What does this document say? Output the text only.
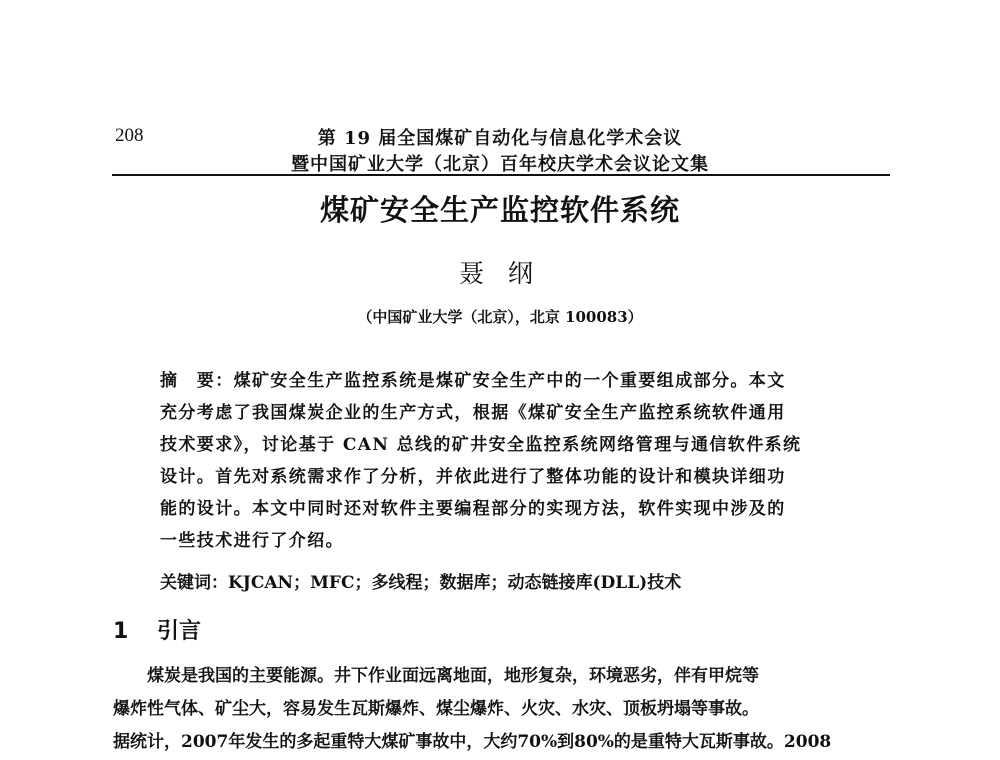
208	第 19 届全国煤矿自动化与信息化学术会议
暨中国矿业大学（北京）百年校庆学术会议论文集
煤矿安全生产监控软件系统
聂 纲
（中国矿业大学（北京），北京 100083）
摘　要：煤矿安全生产监控系统是煤矿安全生产中的一个重要组成部分。本文
充分考虑了我国煤炭企业的生产方式，根据《煤矿安全生产监控系统软件通用
技术要求》，讨论基于 CAN 总线的矿井安全监控系统网络管理与通信软件系统
设计。首先对系统需求作了分析，并依此进行了整体功能的设计和模块详细功
能的设计。本文中同时还对软件主要编程部分的实现方法，软件实现中涉及的
一些技术进行了介绍。
关键词：KJCAN；MFC；多线程；数据库；动态链接库(DLL)技术
1 引言
　　煤炭是我国的主要能源。井下作业面远离地面，地形复杂，环境恶劣，伴有甲烷等
爆炸性气体、矿尘大，容易发生瓦斯爆炸、煤尘爆炸、火灾、水灾、顶板坍塌等事故。
据统计，2007年发生的多起重特大煤矿事故中，大约70%到80%的是重特大瓦斯事故。2008
